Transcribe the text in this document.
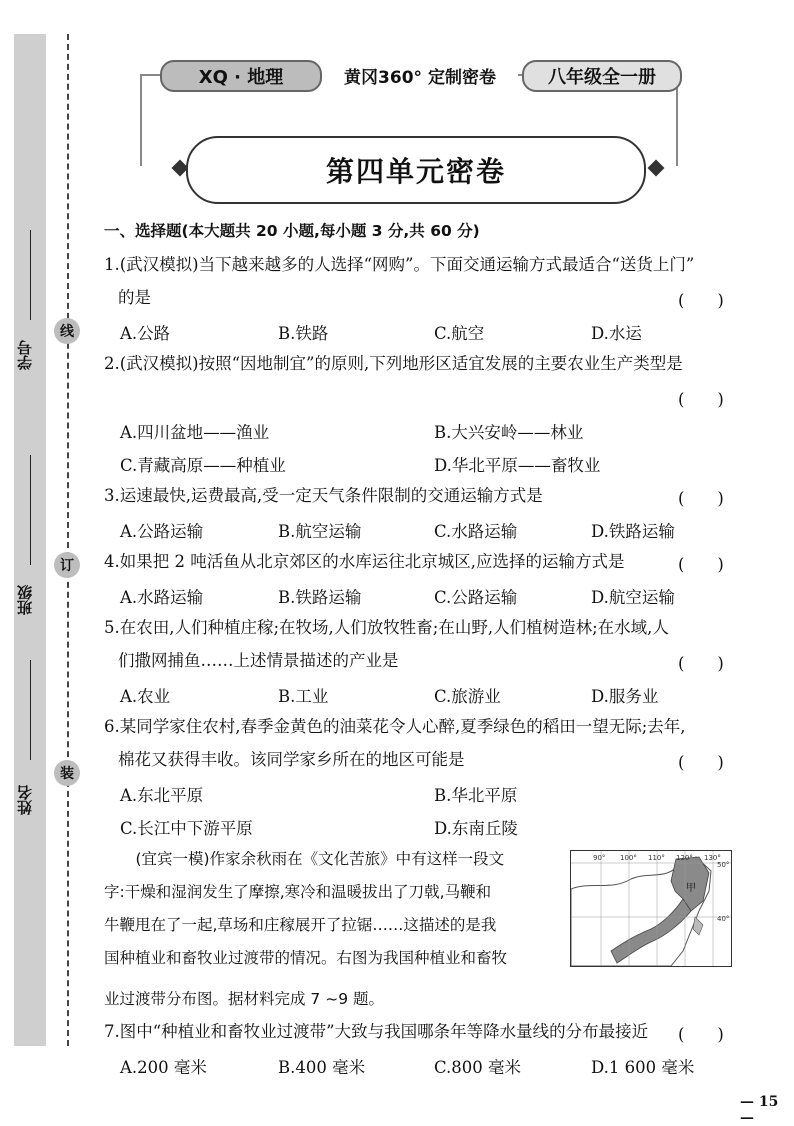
学号
班级
姓名
线
订
装
XQ · 地理	黄冈360° 定制密卷	八年级全一册
第四单元密卷
一、选择题(本大题共 20 小题,每小题 3 分,共 60 分)
1.(武汉模拟)当下越来越多的人选择“网购”。下面交通运输方式最适合“送货上门”
的是	(　　)
A.公路	B.铁路	C.航空	D.水运
2.(武汉模拟)按照“因地制宜”的原则,下列地形区适宜发展的主要农业生产类型是
(　　)
A.四川盆地——渔业	B.大兴安岭——林业
C.青藏高原——种植业	D.华北平原——畜牧业
3.运速最快,运费最高,受一定天气条件限制的交通运输方式是	(　　)
A.公路运输	B.航空运输	C.水路运输	D.铁路运输
4.如果把 2 吨活鱼从北京郊区的水库运往北京城区,应选择的运输方式是	(　　)
A.水路运输	B.铁路运输	C.公路运输	D.航空运输
5.在农田,人们种植庄稼;在牧场,人们放牧牲畜;在山野,人们植树造林;在水域,人
们撒网捕鱼……上述情景描述的产业是	(　　)
A.农业	B.工业	C.旅游业	D.服务业
6.某同学家住农村,春季金黄色的油菜花令人心醉,夏季绿色的稻田一望无际;去年,
棉花又获得丰收。该同学家乡所在的地区可能是	(　　)
A.东北平原	B.华北平原
C.长江中下游平原	D.东南丘陵
　(宜宾一模)作家余秋雨在《文化苦旅》中有这样一段文
字:干燥和湿润发生了摩擦,寒冷和温暖拔出了刀戟,马鞭和
牛鞭甩在了一起,草场和庄稼展开了拉锯……这描述的是我
国种植业和畜牧业过渡带的情况。右图为我国种植业和畜牧
业过渡带分布图。据材料完成 7 ~9 题。
90° 100° 110° 120° 130°
50°
40°
甲
7.图中“种植业和畜牧业过渡带”大致与我国哪条年等降水量线的分布最接近 (　　)
A.200 毫米	B.400 毫米	C.800 毫米	D.1 600 毫米
— 15 —
